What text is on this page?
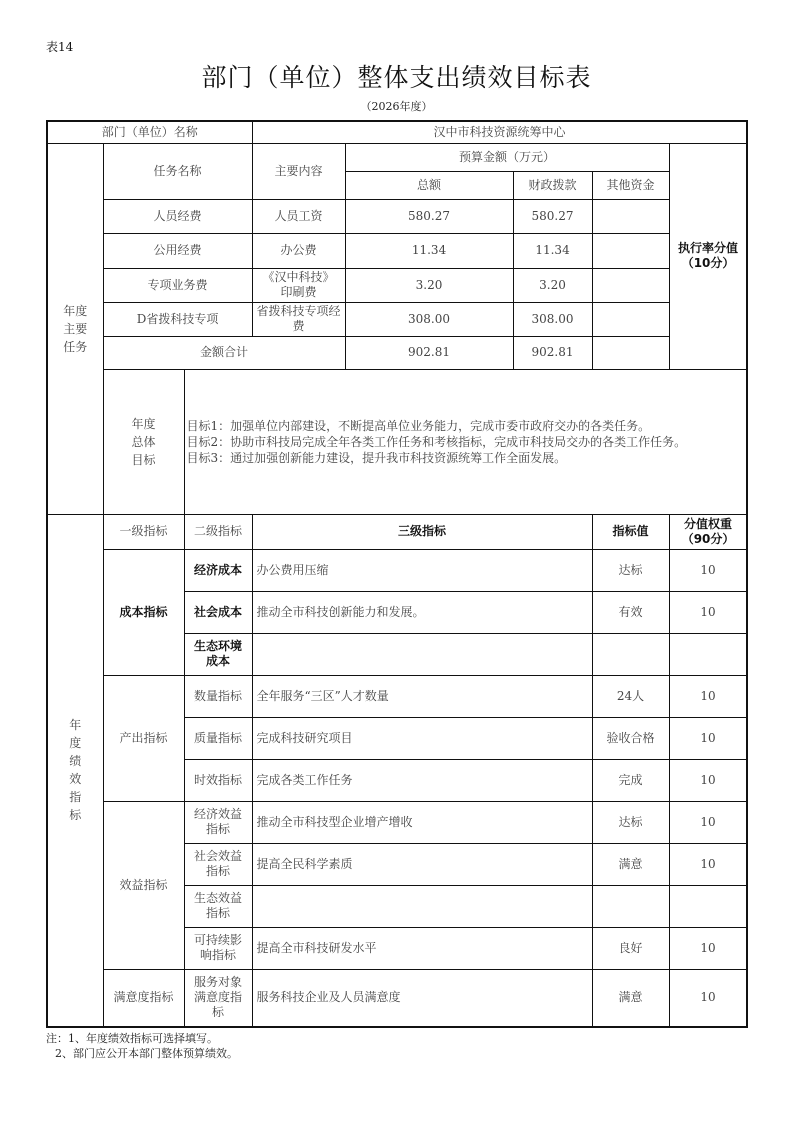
表14
部门（单位）整体支出绩效目标表
（2026年度）
部门（单位）名称			汉中市科技资源统筹中心				
年度主要任务	任务名称		主要内容	预算金额（万元）			执行率分值（10分）
				总额	财政拨款	其他资金	
	人员经费		人员工资	580.27	580.27		
	公用经费		办公费	11.34	11.34		
	专项业务费		《汉中科技》印刷费	3.20	3.20		
	D省拨科技专项		省拨科技专项经费	308.00	308.00		
	金额合计			902.81	902.81		
	年度总体目标	目标1：加强单位内部建设，不断提高单位业务能力，完成市委市政府交办的各类任务。
目标2：协助市科技局完成全年各类工作任务和考核指标，完成市科技局交办的各类工作任务。
目标3：通过加强创新能力建设，提升我市科技资源统筹工作全面发展。					

年度绩效指标	一级指标	二级指标	三级指标			指标值	分值权重（90分）
	成本指标	经济成本	办公费用压缩			达标	10
		社会成本	推动全市科技创新能力和发展。			有效	10
		生态环境成本					
	产出指标	数量指标	全年服务“三区”人才数量			24人	10
		质量指标	完成科技研究项目			验收合格	10
		时效指标	完成各类工作任务			完成	10
	效益指标	经济效益指标	推动全市科技型企业增产增收			达标	10
		社会效益指标	提高全民科学素质			满意	10
		生态效益指标					
		可持续影响指标	提高全市科技研发水平			良好	10
	满意度指标	服务对象满意度指标	服务科技企业及人员满意度			满意	10
注：1、年度绩效指标可选择填写。
2、部门应公开本部门整体预算绩效。
